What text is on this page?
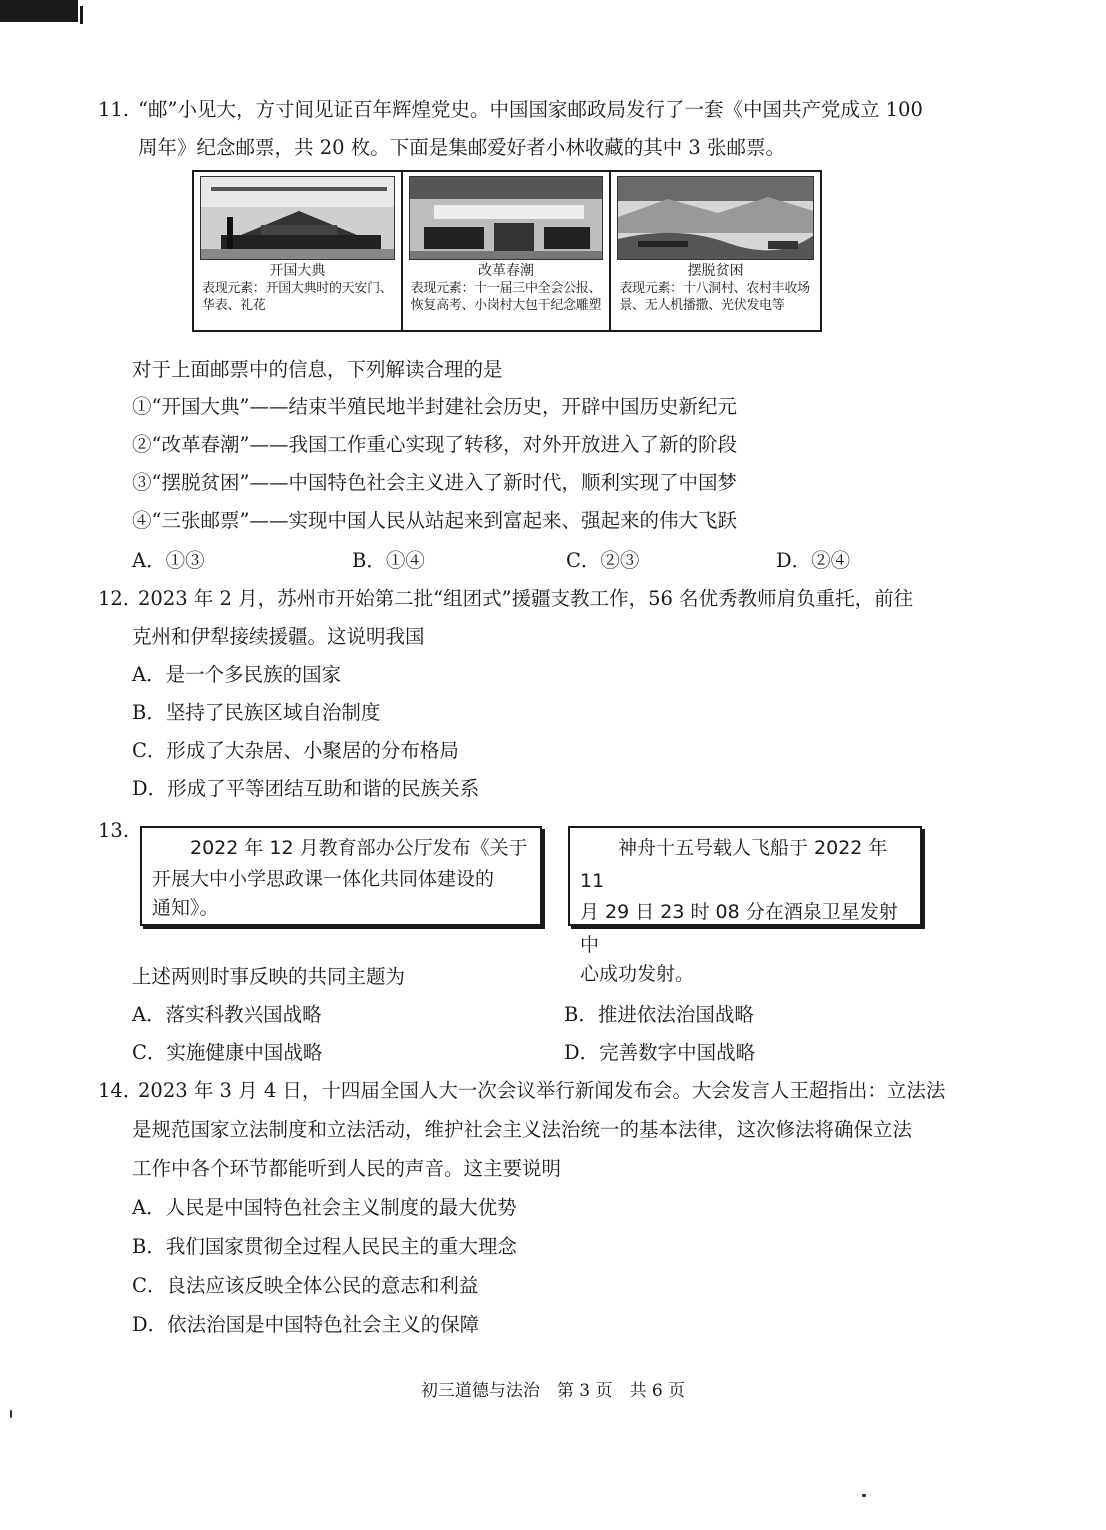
11. “邮”小见大，方寸间见证百年辉煌党史。中国国家邮政局发行了一套《中国共产党成立 100
周年》纪念邮票，共 20 枚。下面是集邮爱好者小林收藏的其中 3 张邮票。
开国大典
表现元素：开国大典时的天安门、华表、礼花
改革春潮
表现元素：十一届三中全会公报、恢复高考、小岗村大包干纪念雕塑
摆脱贫困
表现元素：十八洞村、农村丰收场景、无人机播撒、光伏发电等
对于上面邮票中的信息，下列解读合理的是
①“开国大典”——结束半殖民地半封建社会历史，开辟中国历史新纪元
②“改革春潮”——我国工作重心实现了转移，对外开放进入了新的阶段
③“摆脱贫困”——中国特色社会主义进入了新时代，顺利实现了中国梦
④“三张邮票”——实现中国人民从站起来到富起来、强起来的伟大飞跃
A．①③	B．①④	C．②③	D．②④
12．
2023 年 2 月，苏州市开始第二批“组团式”援疆支教工作，56 名优秀教师肩负重托，前往
克州和伊犁接续援疆。这说明我国
A．是一个多民族的国家
B．坚持了民族区域自治制度
C．形成了大杂居、小聚居的分布格局
D．形成了平等团结互助和谐的民族关系
13.
　　2022 年 12 月教育部办公厅发布《关于
开展大中小学思政课一体化共同体建设的
通知》。
　　神舟十五号载人飞船于 2022 年 11
月 29 日 23 时 08 分在酒泉卫星发射中
心成功发射。
上述两则时事反映的共同主题为
A．落实科教兴国战略	B．推进依法治国战略
C．实施健康中国战略	D．完善数字中国战略
14．
2023 年 3 月 4 日，十四届全国人大一次会议举行新闻发布会。大会发言人王超指出：立法法
是规范国家立法制度和立法活动，维护社会主义法治统一的基本法律，这次修法将确保立法
工作中各个环节都能听到人民的声音。这主要说明
A．人民是中国特色社会主义制度的最大优势
B．我们国家贯彻全过程人民民主的重大理念
C．良法应该反映全体公民的意志和利益
D．依法治国是中国特色社会主义的保障
初三道德与法治　第 3 页　共 6 页
